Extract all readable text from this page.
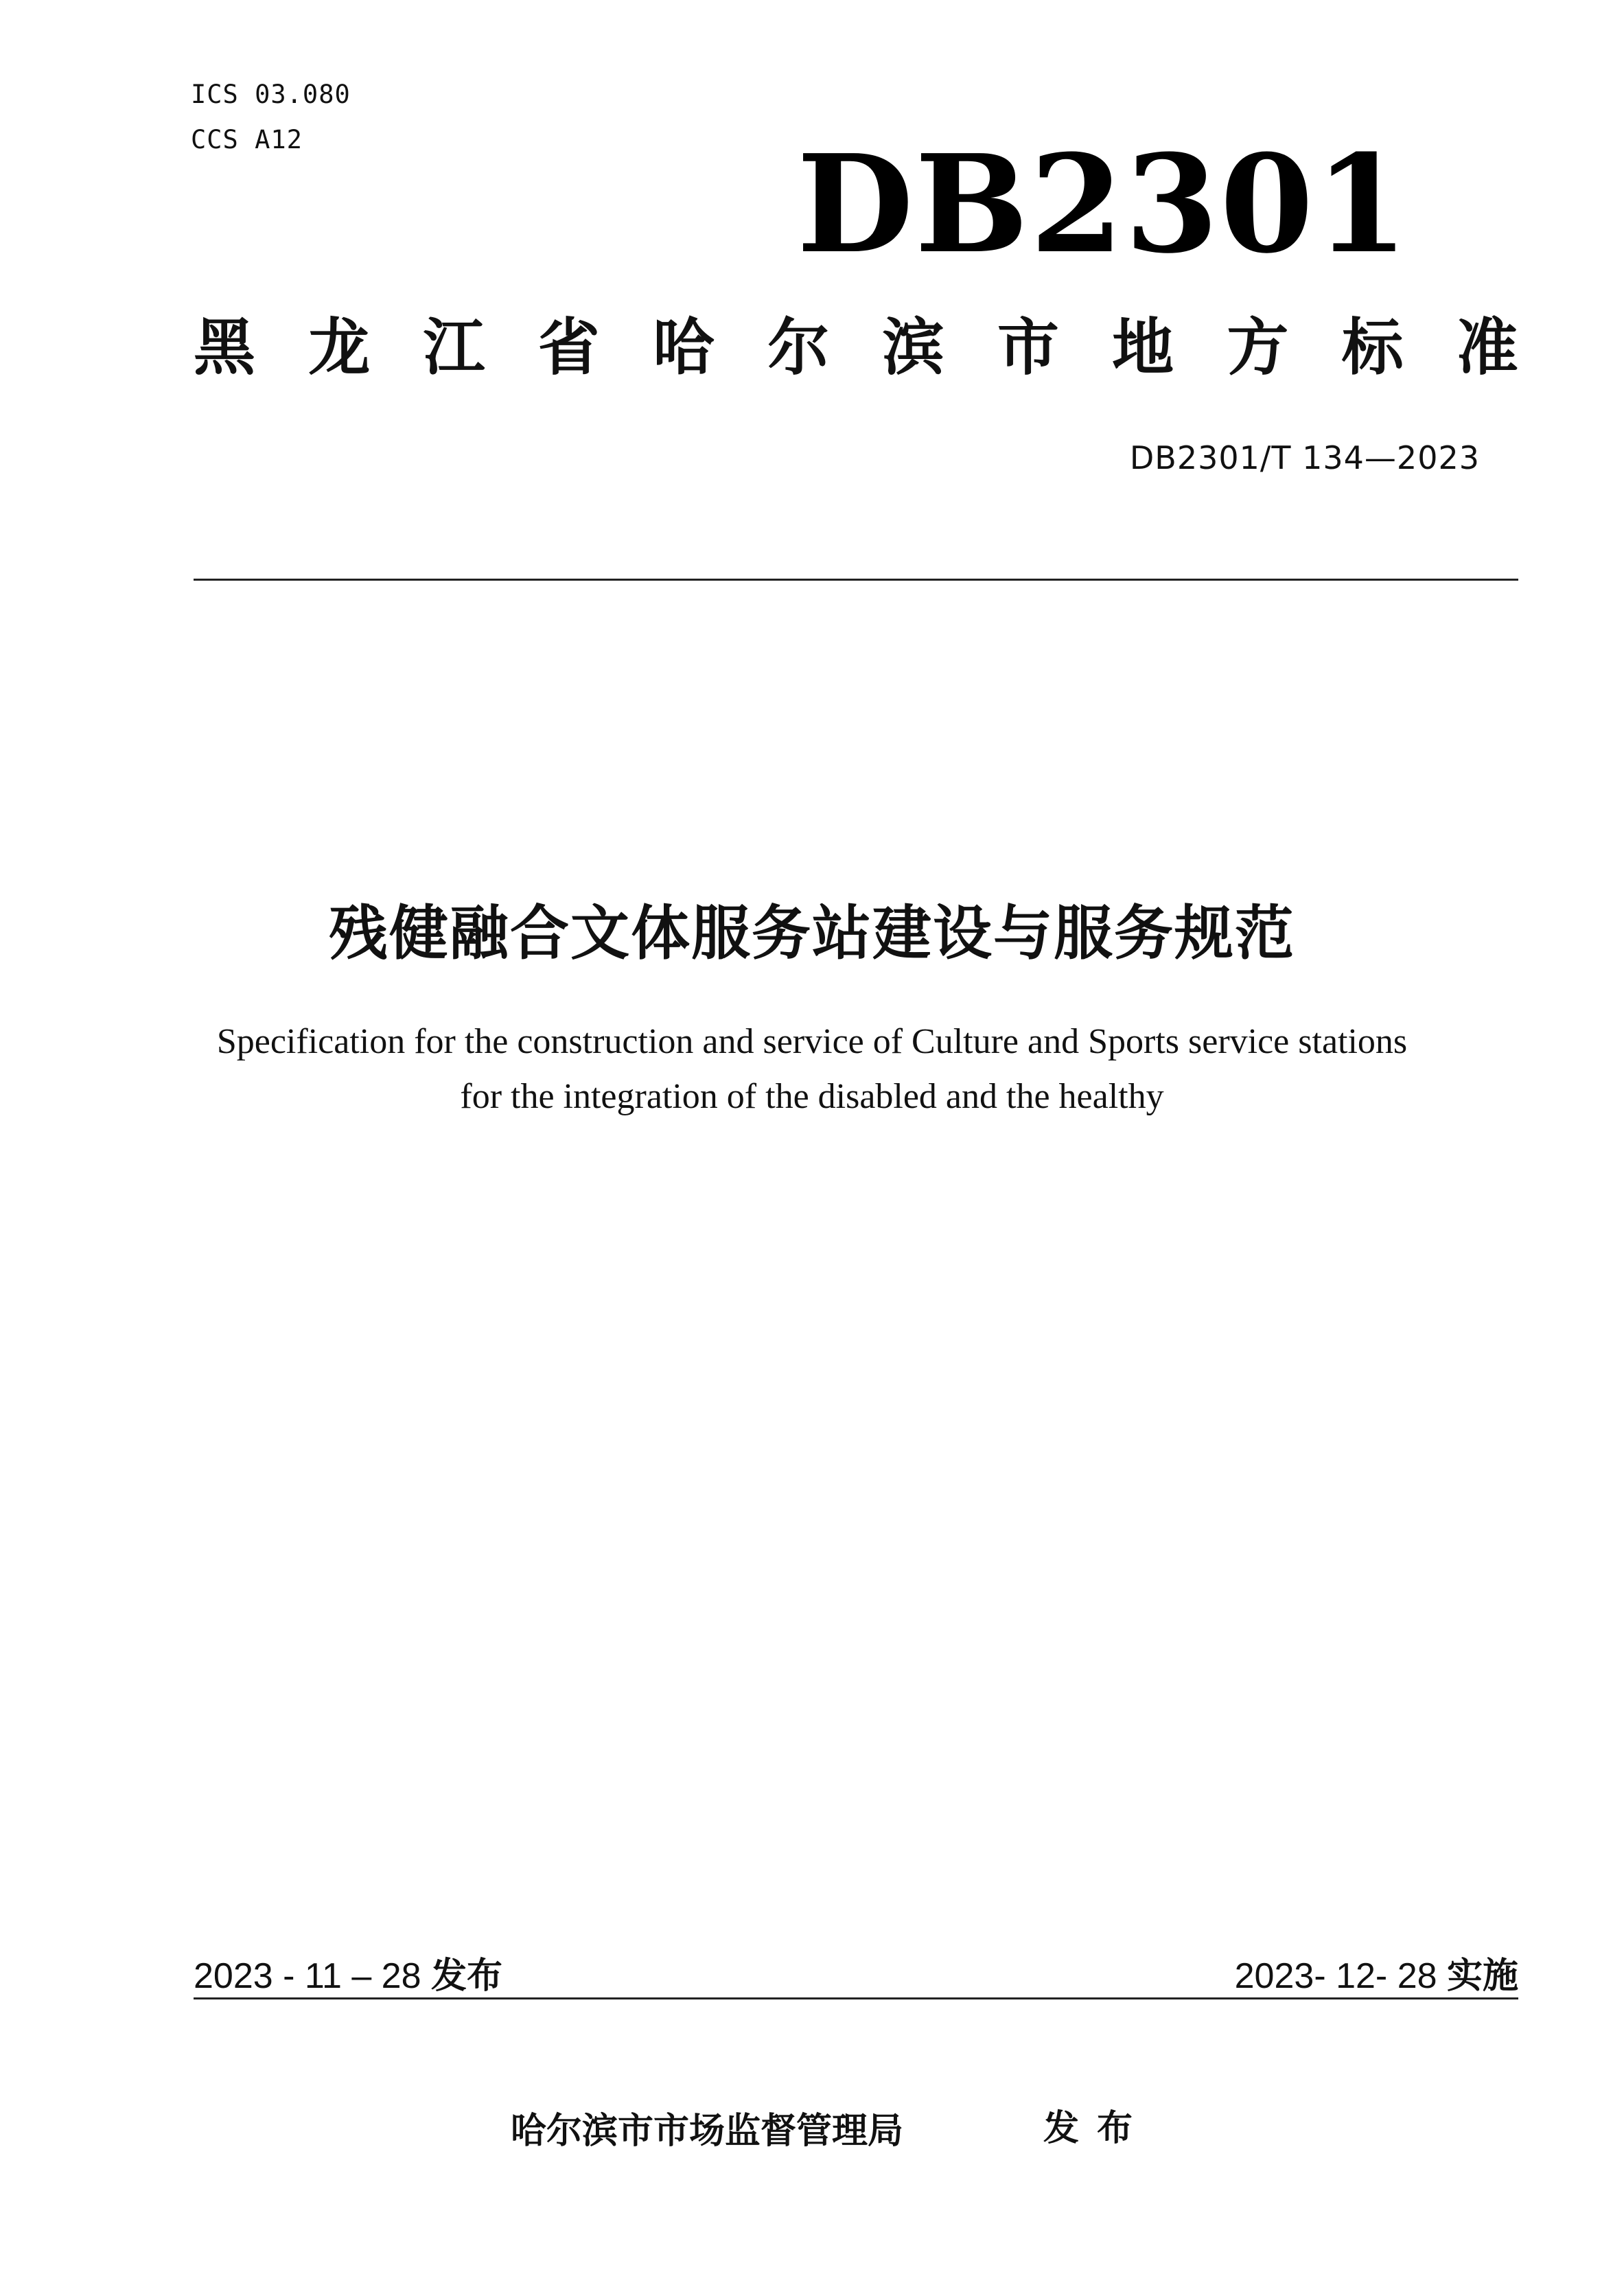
ICS 03.080
CCS A12	DB2301
黑 龙 江 省 哈 尔 滨 市 地 方 标 准
DB2301/T 134—2023
残健融合文体服务站建设与服务规范
Specification for the construction and service of Culture and Sports service stations
for the integration of the disabled and the healthy
2023 - 11 – 28 发布	2023- 12- 28 实施
哈尔滨市市场监督管理局	发布
